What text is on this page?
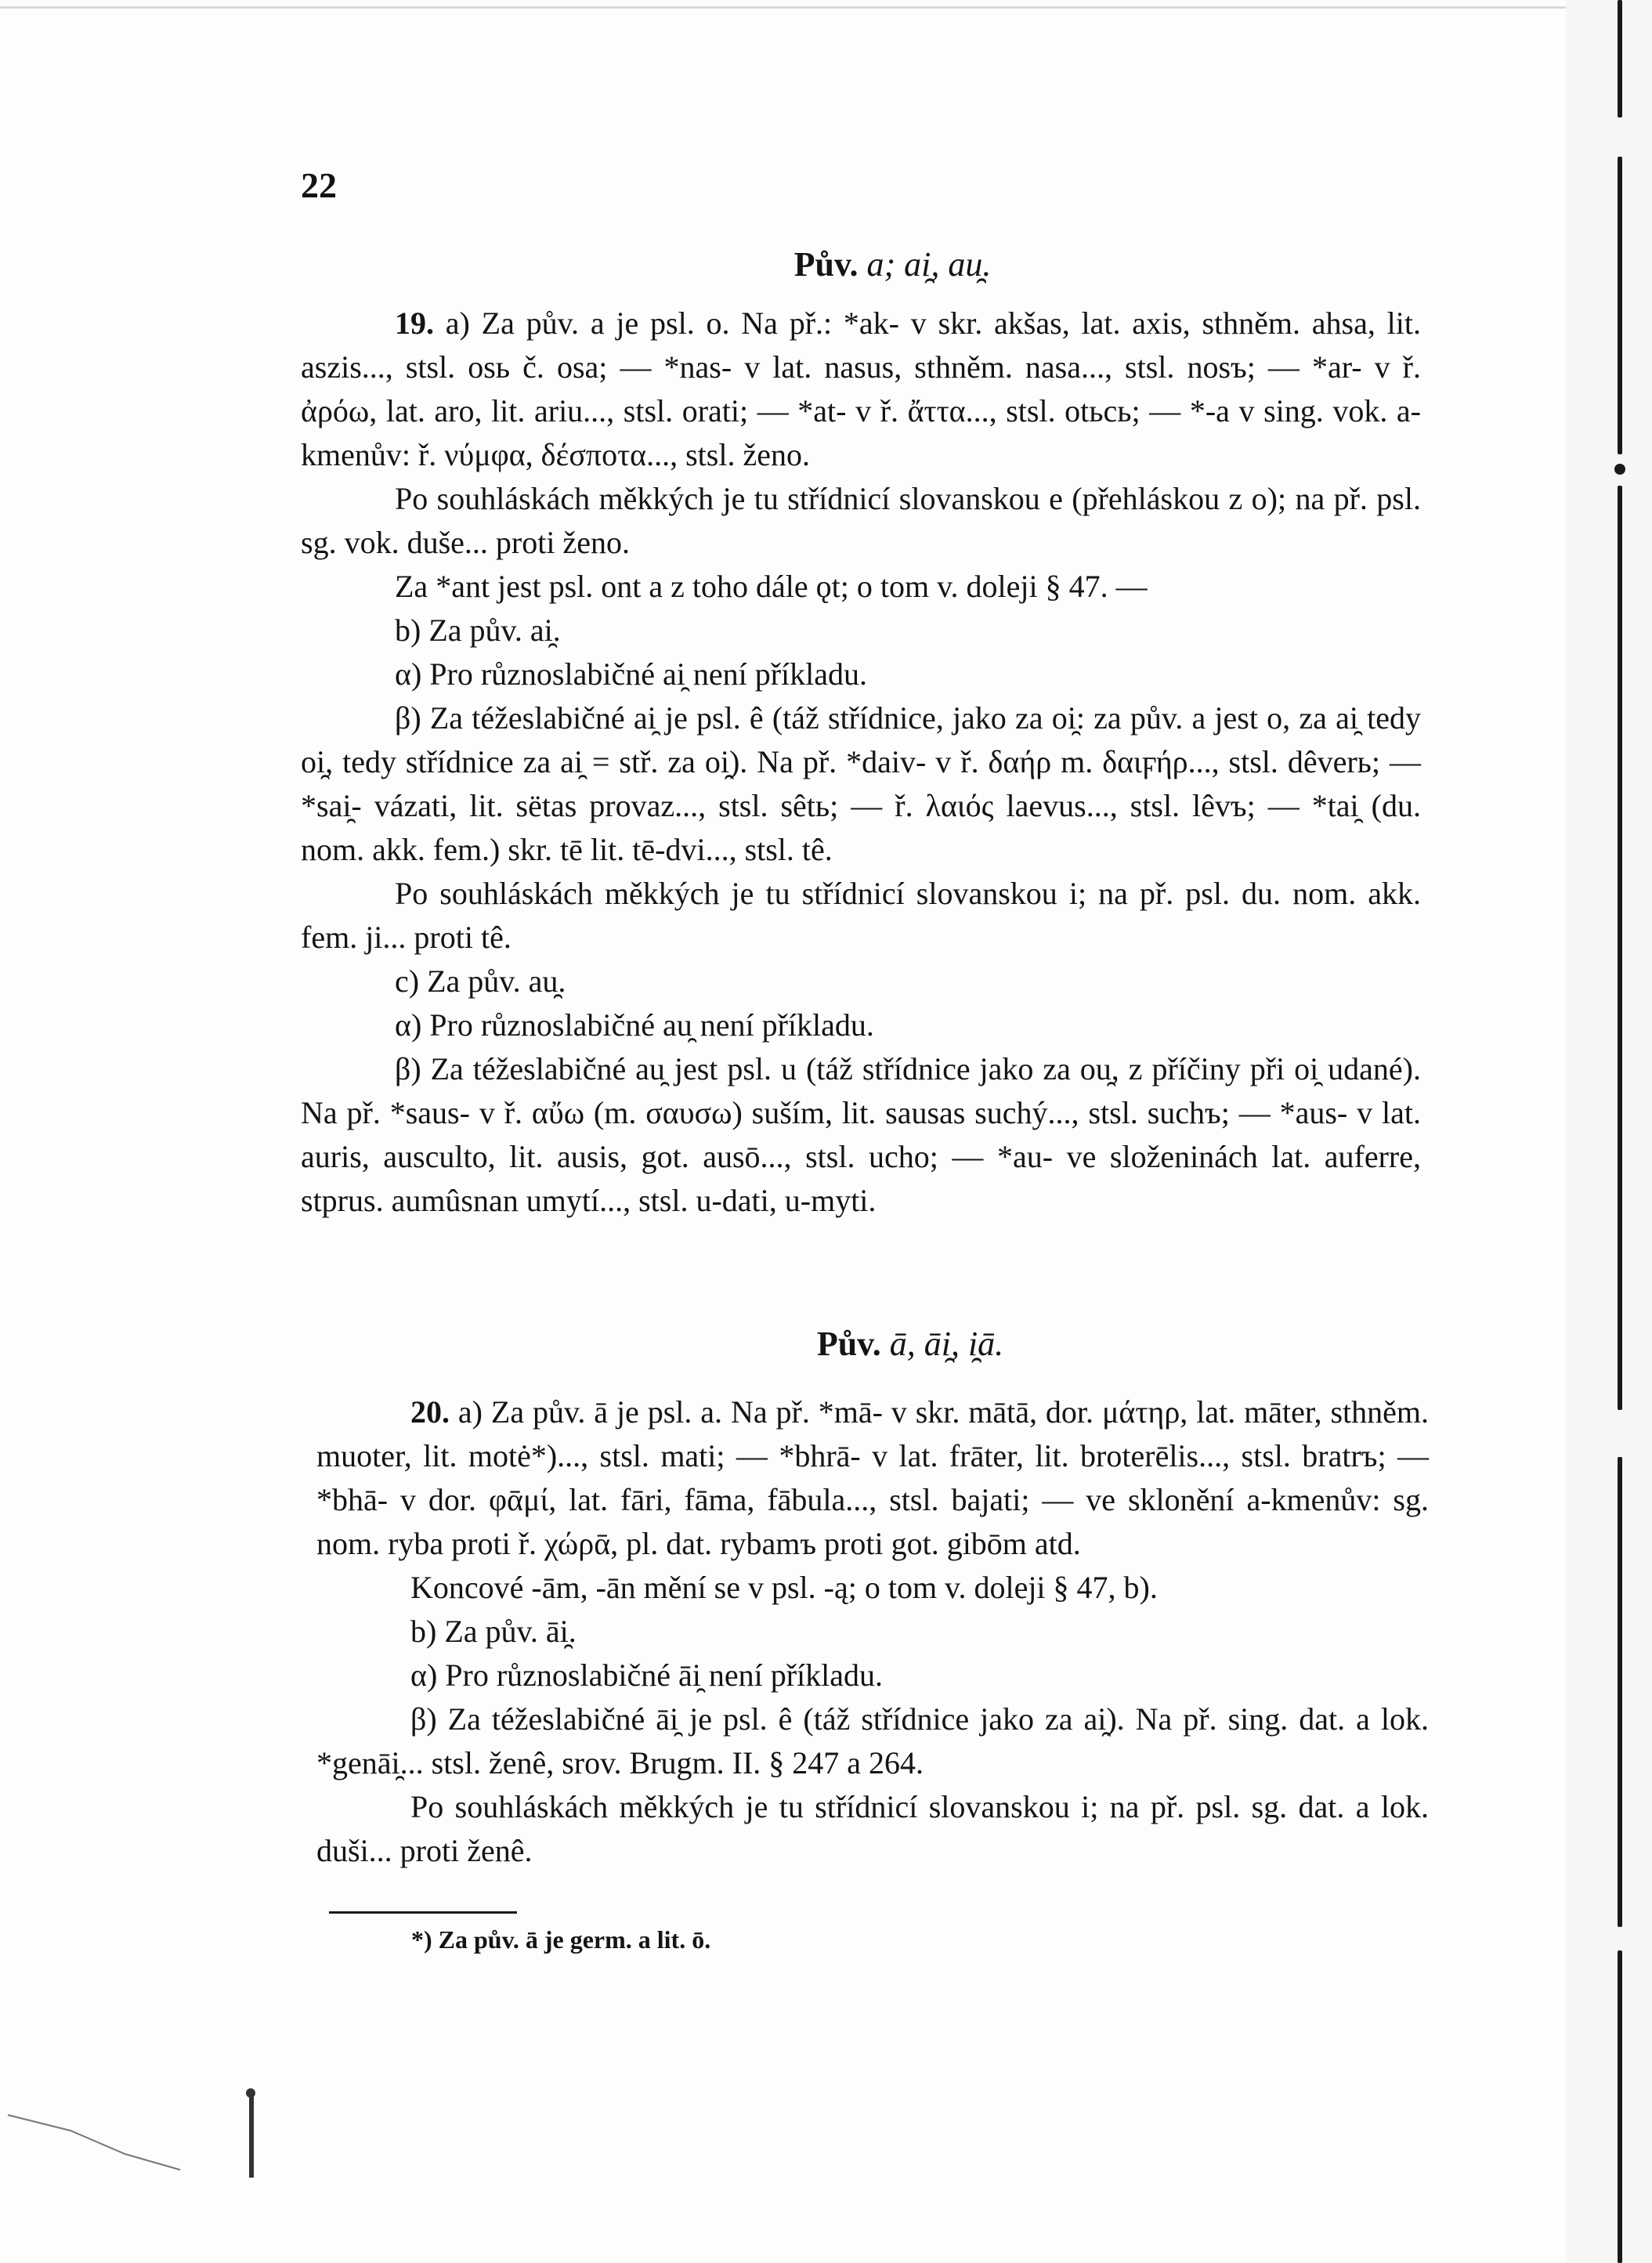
22
Pův. a; ai̯, au̯.

19. a) Za pův. a je psl. o. Na př.: *ak- v skr. akšas, lat. axis, sthněm. ahsa, lit. aszis..., stsl. osь č. osa; — *nas- v lat. nasus, sthněm. nasa..., stsl. nosъ; — *ar- v ř. ἀρόω, lat. aro, lit. ariu..., stsl. orati; — *at- v ř. ἄττα..., stsl. otьcь; — *-a v sing. vok. a-kmenův: ř. νύμφα, δέσποτα..., stsl. ženo.

Po souhláskách měkkých je tu střídnicí slovanskou e (přehláskou z o); na př. psl. sg. vok. duše... proti ženo.

Za *ant jest psl. ont a z toho dále ǫt; o tom v. doleji § 47. —

b) Za pův. ai̯.

α) Pro různoslabičné ai̯ není příkladu.

β) Za téžeslabičné ai̯ je psl. ê (táž střídnice, jako za oi̯: za pův. a jest o, za ai̯ tedy oi̯, tedy střídnice za ai̯ = stř. za oi̯). Na př. *daiv- v ř. δαήρ m. δαιϝήρ..., stsl. dêverь; — *sai̯- vázati, lit. sëtas provaz..., stsl. sêtь; — ř. λαιός laevus..., stsl. lêvъ; — *tai̯ (du. nom. akk. fem.) skr. tē lit. tē-dvi..., stsl. tê.

Po souhláskách měkkých je tu střídnicí slovanskou i; na př. psl. du. nom. akk. fem. ji... proti tê.

c) Za pův. au̯.

α) Pro různoslabičné au̯ není příkladu.

β) Za téžeslabičné au̯ jest psl. u (táž střídnice jako za ou̯, z příčiny při oi̯ udané). Na př. *saus- v ř. αὔω (m. σαυσω) suším, lit. sausas suchý..., stsl. suchъ; — *aus- v lat. auris, ausculto, lit. ausis, got. ausō..., stsl. ucho; — *au- ve složeninách lat. auferre, stprus. aumûsnan umytí..., stsl. u-dati, u-myti.

Pův. ā, āi̯, i̯ā.

20. a) Za pův. ā je psl. a. Na př. *mā- v skr. mātā, dor. μάτηρ, lat. māter, sthněm. muoter, lit. motė*)..., stsl. mati; — *bhrā- v lat. frāter, lit. broterēlis..., stsl. bratrъ; — *bhā- v dor. φᾱμί, lat. fāri, fāma, fābula..., stsl. bajati; — ve sklonění a-kmenův: sg. nom. ryba proti ř. χώρᾱ, pl. dat. rybamъ proti got. gibōm atd.

Koncové -ām, -ān mění se v psl. -ą; o tom v. doleji § 47, b).

b) Za pův. āi̯.

α) Pro různoslabičné āi̯ není příkladu.

β) Za téžeslabičné āi̯ je psl. ê (táž střídnice jako za ai̯). Na př. sing. dat. a lok. *genāi̯... stsl. ženê, srov. Brugm. II. § 247 a 264.

Po souhláskách měkkých je tu střídnicí slovanskou i; na př. psl. sg. dat. a lok. duši... proti ženê.

*) Za pův. ā je germ. a lit. ō.
